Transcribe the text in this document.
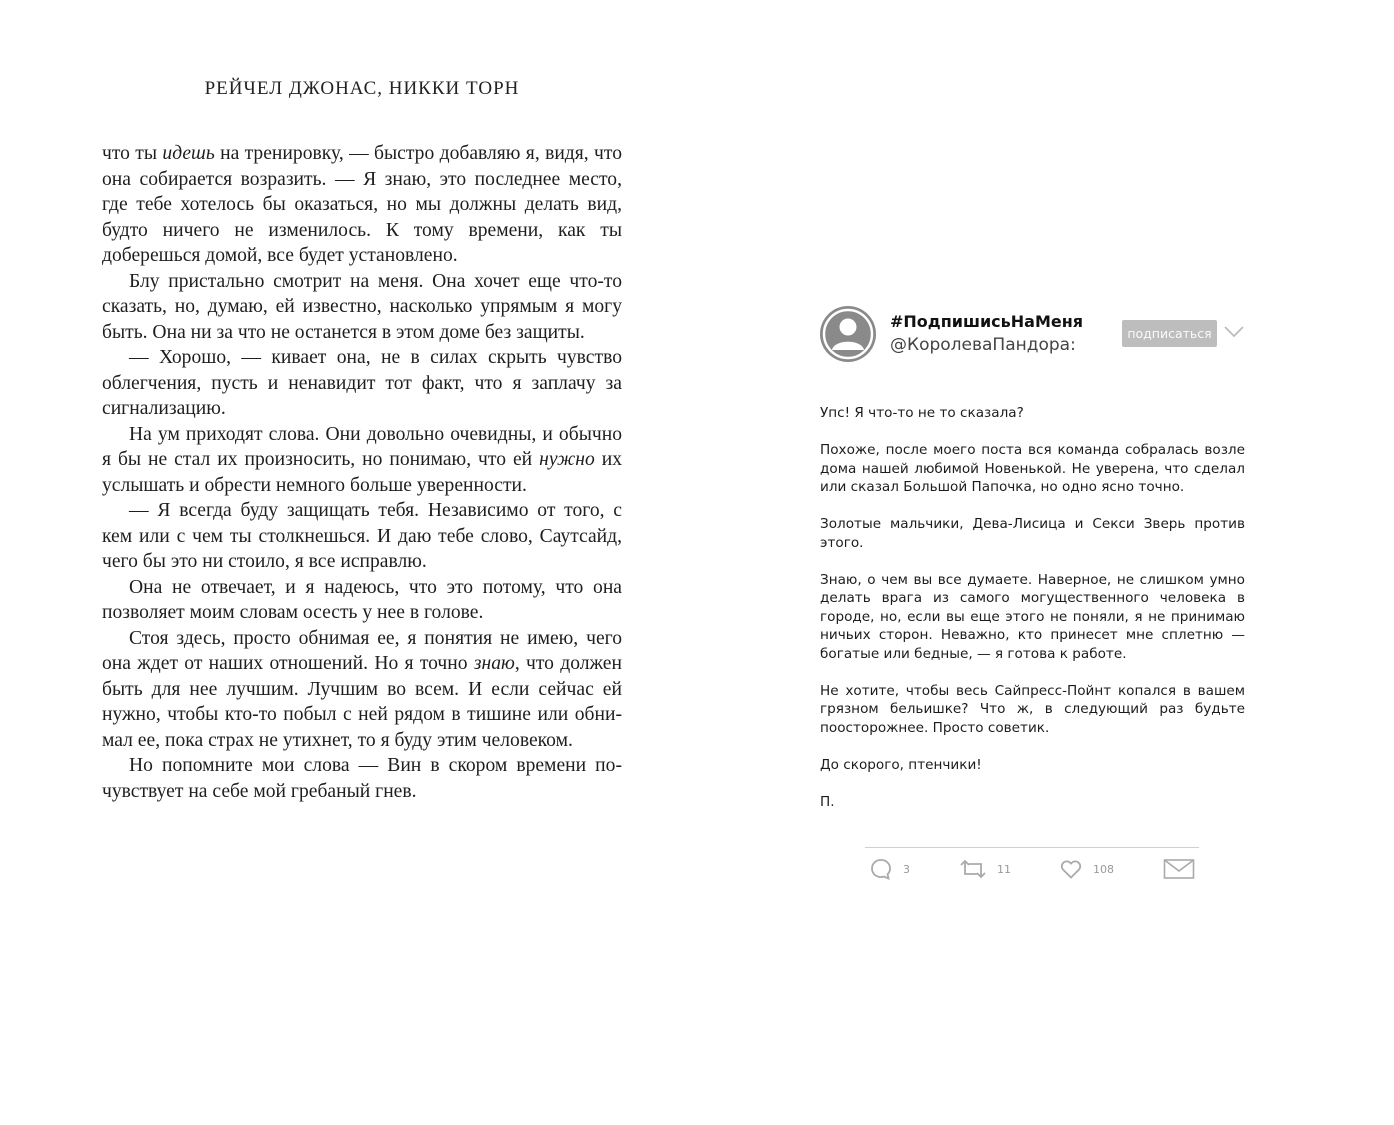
РЕЙЧЕЛ ДЖОНАС, НИККИ ТОРН

что ты идешь на тренировку, — быстро добавляю я, видя, что она собирается возразить. — Я знаю, это последнее место, где тебе хотелось бы оказаться, но мы должны делать вид, будто ничего не изменилось. К тому времени, как ты доберешься домой, все будет установлено.

Блу пристально смотрит на меня. Она хочет еще что-то сказать, но, думаю, ей известно, насколько упрямым я могу быть. Она ни за что не останется в этом доме без защиты.

— Хорошо, — кивает она, не в силах скрыть чувство облегчения, пусть и ненавидит тот факт, что я заплачу за сигнализацию.

На ум приходят слова. Они довольно очевидны, и обычно я бы не стал их произносить, но понимаю, что ей нужно их услышать и обрести немного больше уверенности.

— Я всегда буду защищать тебя. Независимо от того, с кем или с чем ты столкнешься. И даю тебе слово, Саутсайд, чего бы это ни стоило, я все исправлю.

Она не отвечает, и я надеюсь, что это потому, что она позволяет моим словам осесть у нее в голове.

Стоя здесь, просто обнимая ее, я понятия не имею, чего она ждет от наших отношений. Но я точно знаю, что должен быть для нее лучшим. Лучшим во всем. И если сейчас ей нужно, чтобы кто-то побыл с ней рядом в тишине или обнимал ее, пока страх не утихнет, то я буду этим человеком.

Но попомните мои слова — Вин в скором времени почувствует на себе мой гребаный гнев.

#ПодпишисьНаМеня
@КоролеваПандора:
подписаться

Упс! Я что-то не то сказала?

Похоже, после моего поста вся команда собралась возле дома нашей любимой Новенькой. Не уверена, что сделал или сказал Большой Папочка, но одно ясно точно.

Золотые мальчики, Дева-Лисица и Секси Зверь против этого.

Знаю, о чем вы все думаете. Наверное, не слишком умно делать врага из самого могущественного человека в городе, но, если вы еще этого не поняли, я не принимаю ничьих сторон. Неважно, кто принесет мне сплетню — богатые или бедные, — я готова к работе.

Не хотите, чтобы весь Сайпресс-Пойнт копался в вашем грязном бельишке? Что ж, в следующий раз будьте поосторожнее. Просто советик.

До скорого, птенчики!

П.

3	11	108
